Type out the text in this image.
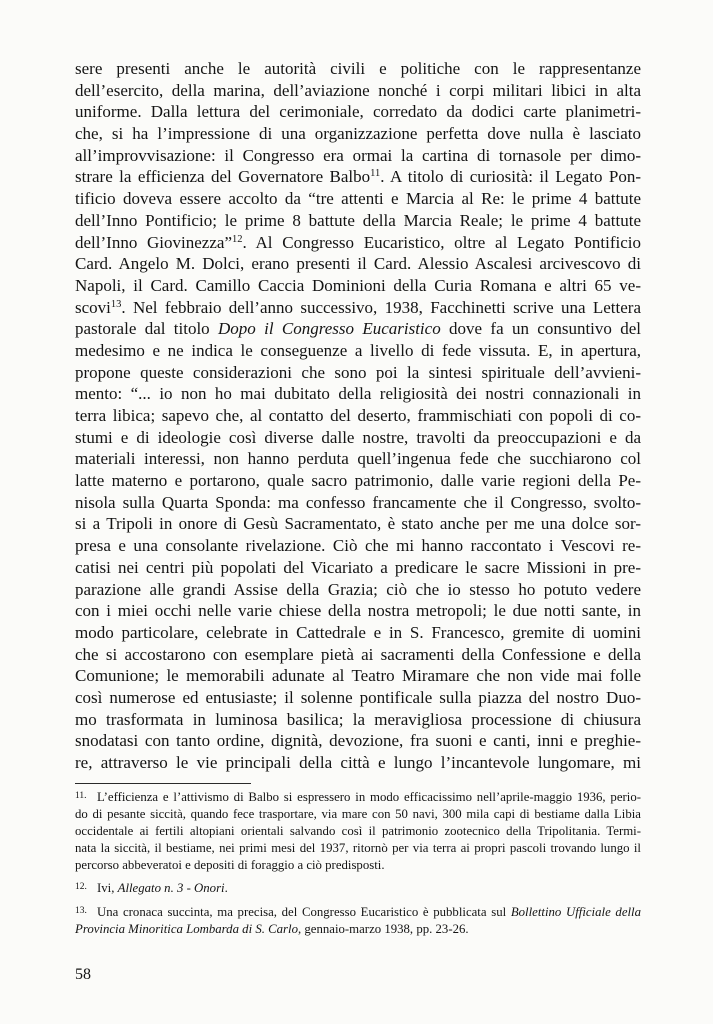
sere presenti anche le autorità civili e politiche con le rappresentanze
dell’esercito, della marina, dell’aviazione nonché i corpi militari libici in alta
uniforme. Dalla lettura del cerimoniale, corredato da dodici carte planimetri-
che, si ha l’impressione di una organizzazione perfetta dove nulla è lasciato
all’improvvisazione: il Congresso era ormai la cartina di tornasole per dimo-
strare la efficienza del Governatore Balbo$^{11}$. A titolo di curiosità: il Legato Pon-
tificio doveva essere accolto da “tre attenti e Marcia al Re: le prime 4 battute
dell’Inno Pontificio; le prime 8 battute della Marcia Reale; le prime 4 battute
dell’Inno Giovinezza”$^{12}$. Al Congresso Eucaristico, oltre al Legato Pontificio
Card. Angelo M. Dolci, erano presenti il Card. Alessio Ascalesi arcivescovo di
Napoli, il Card. Camillo Caccia Dominioni della Curia Romana e altri 65 ve-
scovi$^{13}$. Nel febbraio dell’anno successivo, 1938, Facchinetti scrive una Lettera
pastorale dal titolo Dopo il Congresso Eucaristico dove fa un consuntivo del
medesimo e ne indica le conseguenze a livello di fede vissuta. E, in apertura,
propone queste considerazioni che sono poi la sintesi spirituale dell’avvieni-
mento: “... io non ho mai dubitato della religiosità dei nostri connazionali in
terra libica; sapevo che, al contatto del deserto, frammischiati con popoli di co-
stumi e di ideologie così diverse dalle nostre, travolti da preoccupazioni e da
materiali interessi, non hanno perduta quell’ingenua fede che succhiarono col
latte materno e portarono, quale sacro patrimonio, dalle varie regioni della Pe-
nisola sulla Quarta Sponda: ma confesso francamente che il Congresso, svolto-
si a Tripoli in onore di Gesù Sacramentato, è stato anche per me una dolce sor-
presa e una consolante rivelazione. Ciò che mi hanno raccontato i Vescovi re-
catisi nei centri più popolati del Vicariato a predicare le sacre Missioni in pre-
parazione alle grandi Assise della Grazia; ciò che io stesso ho potuto vedere
con i miei occhi nelle varie chiese della nostra metropoli; le due notti sante, in
modo particolare, celebrate in Cattedrale e in S. Francesco, gremite di uomini
che si accostarono con esemplare pietà ai sacramenti della Confessione e della
Comunione; le memorabili adunate al Teatro Miramare che non vide mai folle
così numerose ed entusiaste; il solenne pontificale sulla piazza del nostro Duo-
mo trasformata in luminosa basilica; la meravigliosa processione di chiusura
snodatasi con tanto ordine, dignità, devozione, fra suoni e canti, inni e preghie-
re, attraverso le vie principali della città e lungo l’incantevole lungomare, mi
11. L’efficienza e l’attivismo di Balbo si espressero in modo efficacissimo nell’aprile-maggio 1936, perio-
do di pesante siccità, quando fece trasportare, via mare con 50 navi, 300 mila capi di bestiame dalla Libia
occidentale ai fertili altopiani orientali salvando così il patrimonio zootecnico della Tripolitania. Termi-
nata la siccità, il bestiame, nei primi mesi del 1937, ritornò per via terra ai propri pascoli trovando lungo il
percorso abbeveratoi e depositi di foraggio a ciò predisposti.
12. Ivi, Allegato n. 3 - Onori.
13. Una cronaca succinta, ma precisa, del Congresso Eucaristico è pubblicata sul Bollettino Ufficiale della
Provincia Minoritica Lombarda di S. Carlo, gennaio-marzo 1938, pp. 23-26.
58
